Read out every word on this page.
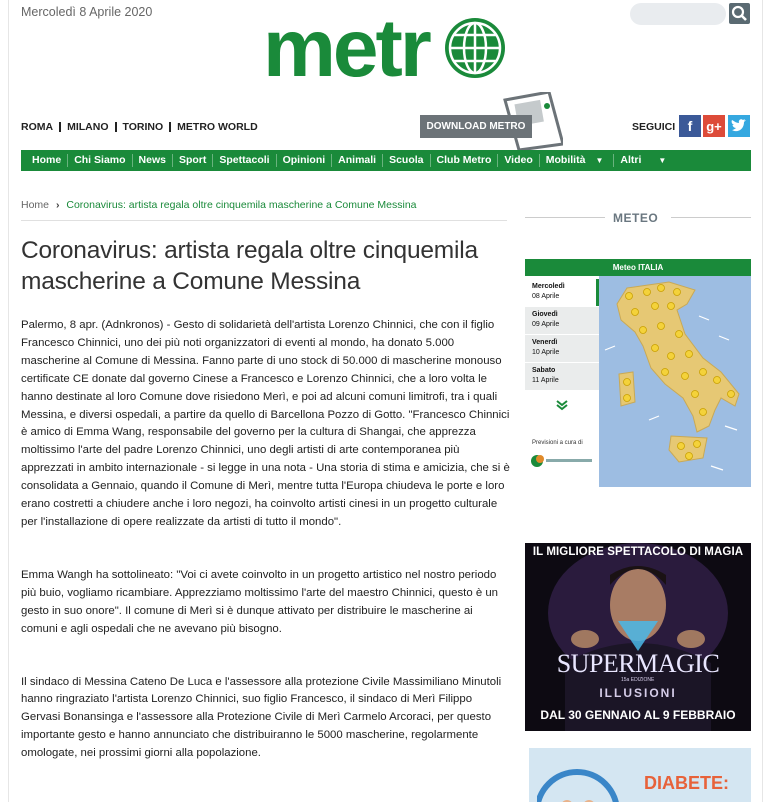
Mercoledì 8 Aprile 2020 metr
ROMA MILANO TORINO METRO WORLD	DOWNLOAD METRO	SEGUICI f	g+
Home	Chi Siamo	News	Sport	Spettacoli	Opinioni	Animali	Scuola	Club Metro	Video	Mobilità ▼	Altri ▼
Home › Coronavirus: artista regala oltre cinquemila mascherine a Comune Messina
Coronavirus: artista regala oltre cinquemila mascherine a Comune Messina

Palermo, 8 apr. (Adnkronos) - Gesto di solidarietà dell'artista Lorenzo Chinnici, che con il figlio Francesco Chinnici, uno dei più noti organizzatori di eventi al mondo, ha donato 5.000 mascherine al Comune di Messina. Fanno parte di uno stock di 50.000 di mascherine monouso certificate CE donate dal governo Cinese a Francesco e Lorenzo Chinnici, che a loro volta le hanno destinate al loro Comune dove risiedono Merì, e poi ad alcuni comuni limitrofi, tra i quali Messina, e diversi ospedali, a partire da quello di Barcellona Pozzo di Gotto. "Francesco Chinnici è amico di Emma Wang, responsabile del governo per la cultura di Shangai, che apprezza moltissimo l'arte del padre Lorenzo Chinnici, uno degli artisti di arte contemporanea più apprezzati in ambito internazionale - si legge in una nota - Una storia di stima e amicizia, che si è consolidata a Gennaio, quando il Comune di Merì, mentre tutta l'Europa chiudeva le porte e loro erano costretti a chiudere anche i loro negozi, ha coinvolto artisti cinesi in un progetto culturale per l'installazione di opere realizzate da artisti di tutto il mondo".

Emma Wangh ha sottolineato: "Voi ci avete coinvolto in un progetto artistico nel nostro periodo più buio, vogliamo ricambiare. Apprezziamo moltissimo l'arte del maestro Chinnici, questo è un gesto in suo onore". Il comune di Merì si è dunque attivato per distribuire le mascherine ai comuni e agli ospedali che ne avevano più bisogno.

Il sindaco di Messina Cateno De Luca e l'assessore alla protezione Civile Massimiliano Minutoli hanno ringraziato l'artista Lorenzo Chinnici, suo figlio Francesco, il sindaco di Merì Filippo Gervasi Bonansinga e l'assessore alla Protezione Civile di Merì Carmelo Arcoraci, per questo importante gesto e hanno annunciato che distribuiranno le 5000 mascherine, regolarmente omologate, nei prossimi giorni alla popolazione.

METEO
Meteo ITALIA
Mercoledì
08 Aprile
Giovedì
09 Aprile
Venerdì
10 Aprile
Sabato
11 Aprile
Previsioni a cura di
IL MIGLIORE SPETTACOLO DI MAGIA
SUPERMAGIC
15a EDIZIONE
ILLUSIONI
DAL 30 GENNAIO AL 9 FEBBRAIO
DIABETE:
